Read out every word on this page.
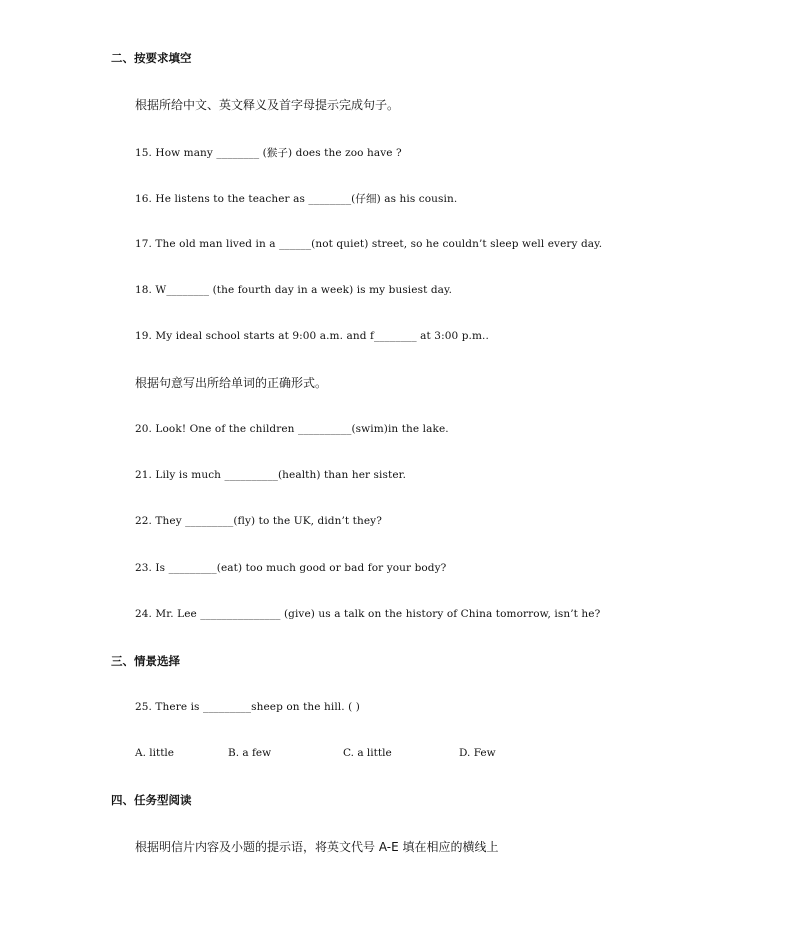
二、按要求填空
根据所给中文、英文释义及首字母提示完成句子。
15. How many ________ (猴子) does the zoo have ?
16. He listens to the teacher as ________(仔细) as his cousin.
17. The old man lived in a ______(not quiet) street, so he couldn’t sleep well every day.
18. W________ (the fourth day in a week) is my busiest day.
19. My ideal school starts at 9:00 a.m. and f________ at 3:00 p.m..
根据句意写出所给单词的正确形式。
20. Look! One of the children __________(swim)in the lake.
21. Lily is much __________(health) than her sister.
22. They _________(fly) to the UK, didn’t they?
23. Is _________(eat) too much good or bad for your body?
24. Mr. Lee _______________ (give) us a talk on the history of China tomorrow, isn’t he?
三、情景选择
25. There is _________sheep on the hill. ( )
A. little	B. a few	C. a little	D. Few
四、任务型阅读
根据明信片内容及小题的提示语，将英文代号 A-E 填在相应的横线上
